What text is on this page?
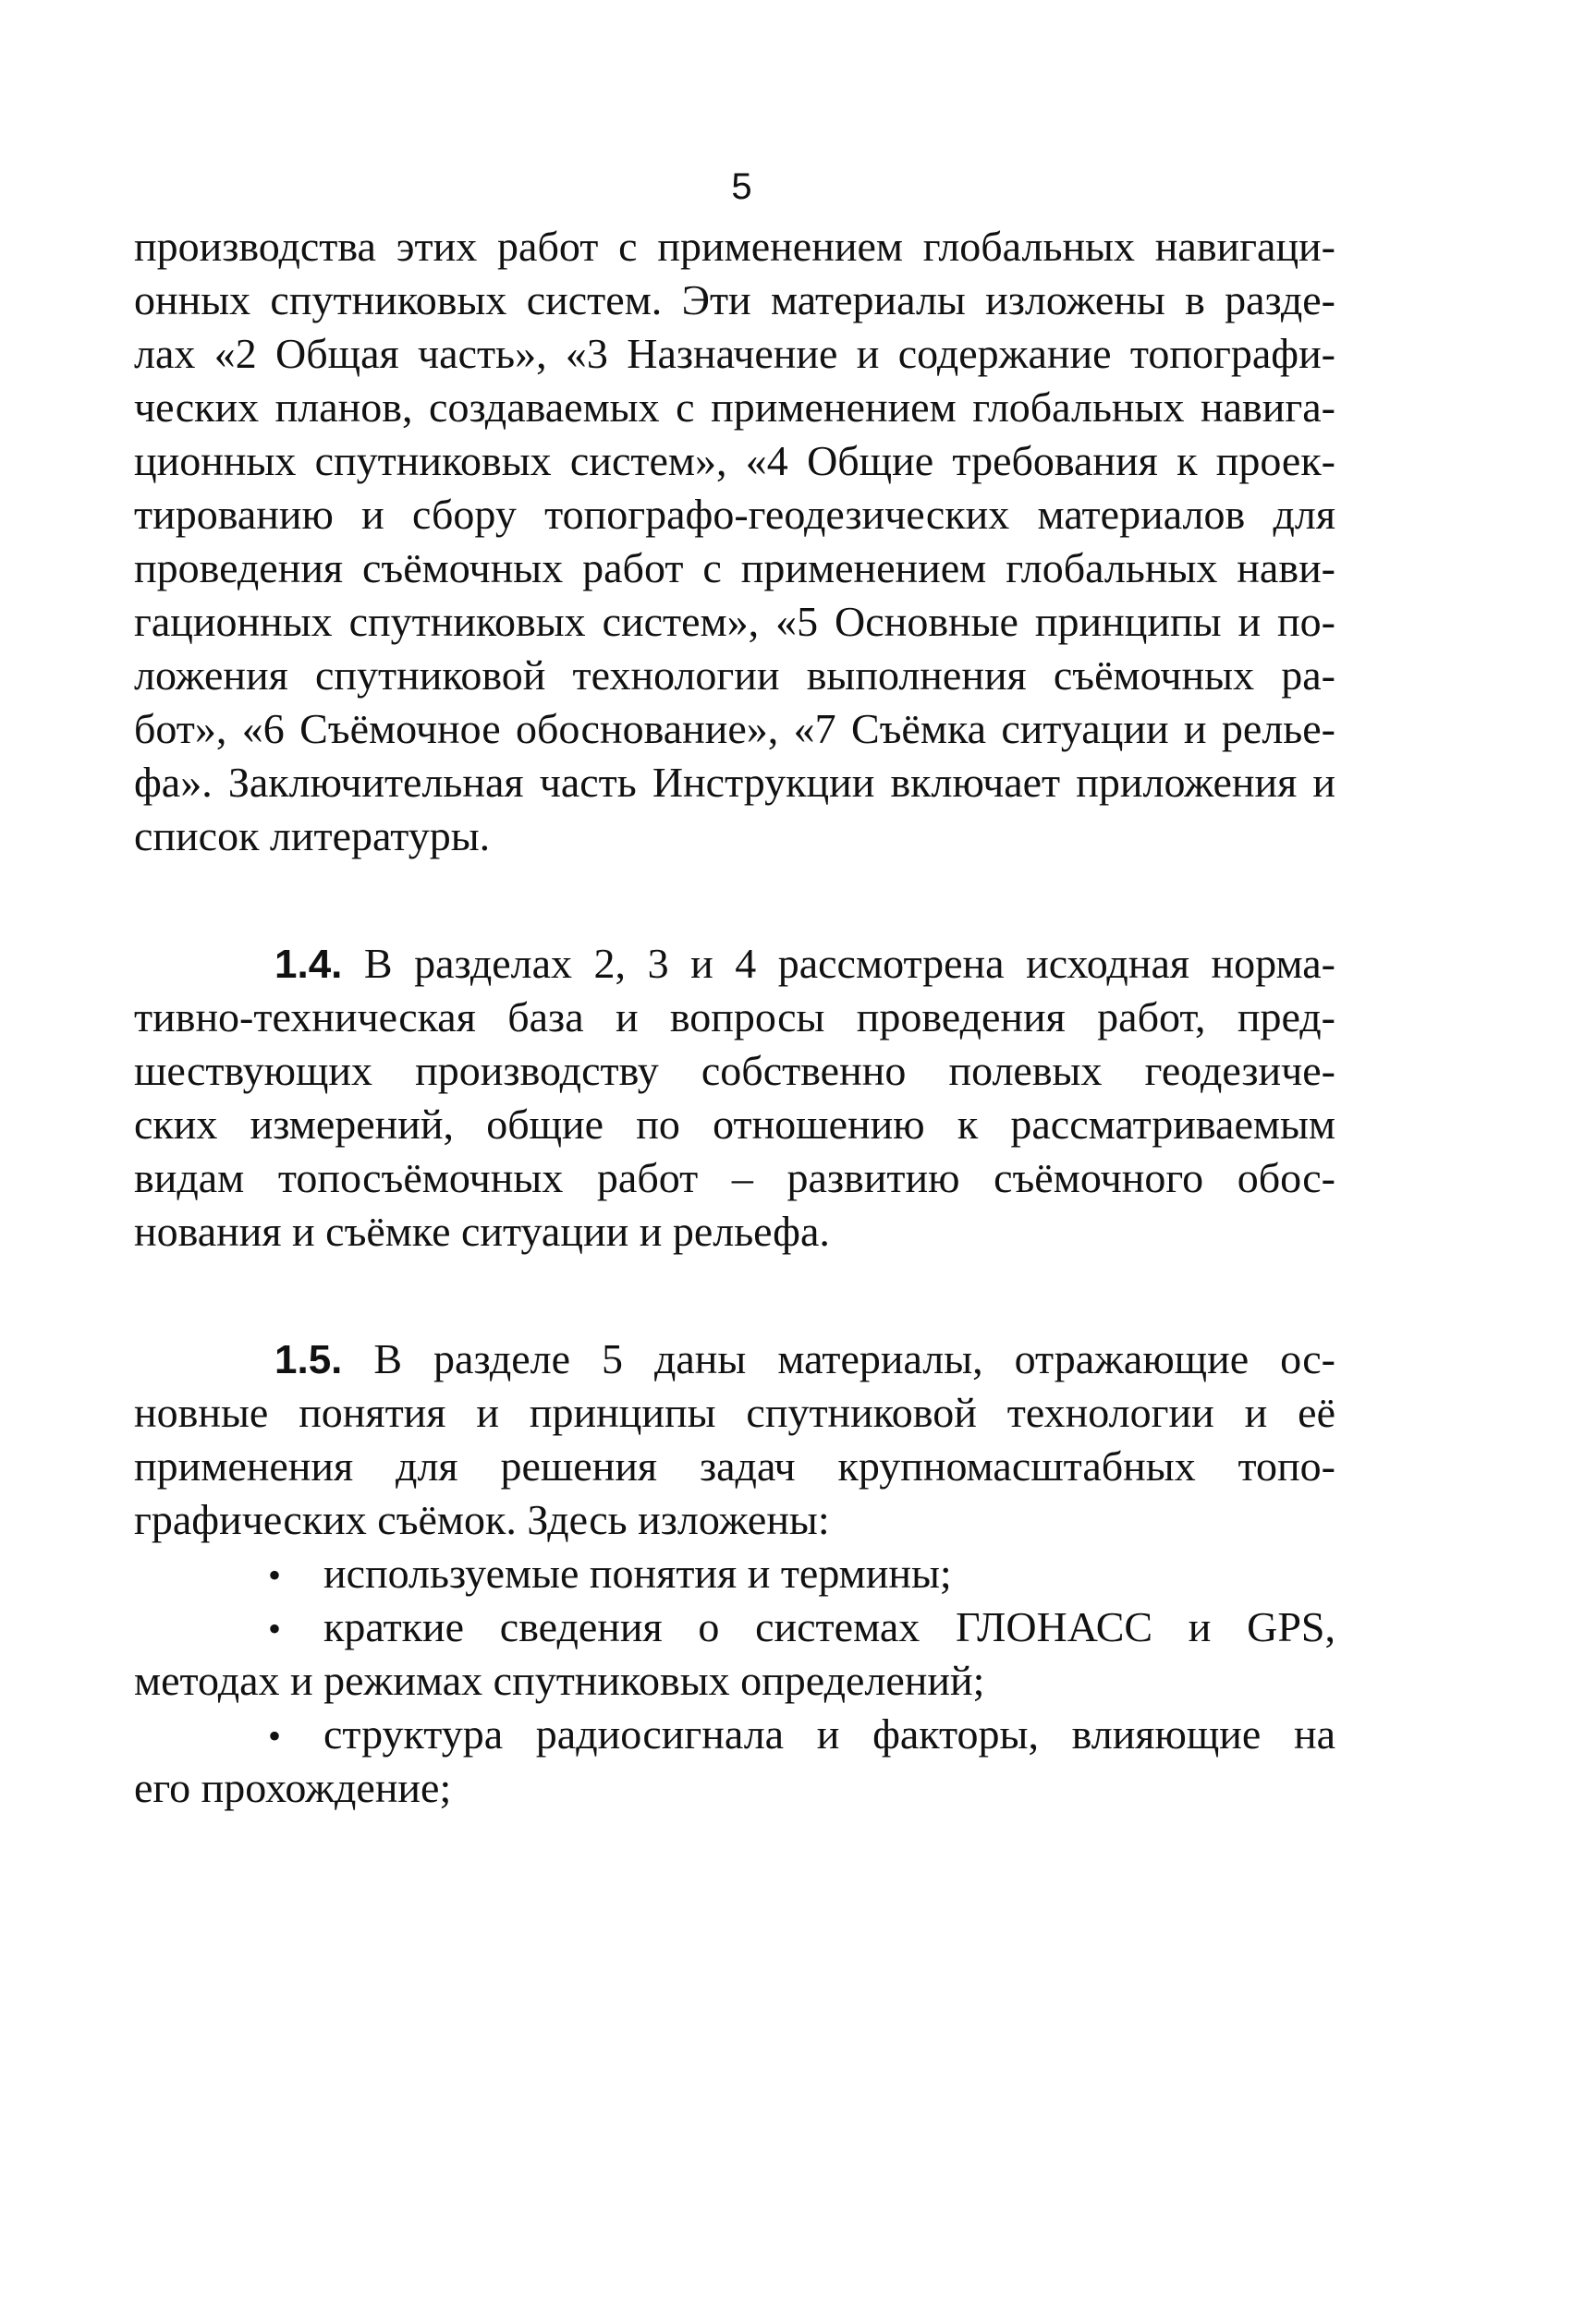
5
производства этих работ с применением глобальных навигаци-
онных спутниковых систем. Эти материалы изложены в разде-
лах «2 Общая часть», «3 Назначение и содержание топографи-
ческих планов, создаваемых с применением глобальных навига-
ционных спутниковых систем», «4 Общие требования к проек-
тированию и сбору топографо-геодезических материалов для
проведения съёмочных работ с применением глобальных нави-
гационных спутниковых систем», «5 Основные принципы и по-
ложения спутниковой технологии выполнения съёмочных ра-
бот», «6 Съёмочное обоснование», «7 Съёмка ситуации и релье-
фа». Заключительная часть Инструкции включает приложения и
список литературы.
1.4. В разделах 2, 3 и 4 рассмотрена исходная норма-
тивно-техническая база и вопросы проведения работ, пред-
шествующих производству собственно полевых геодезиче-
ских измерений, общие по отношению к рассматриваемым
видам топосъёмочных работ – развитию съёмочного обос-
нования и съёмке ситуации и рельефа.
1.5. В разделе 5 даны материалы, отражающие ос-
новные понятия и принципы спутниковой технологии и её
применения для решения задач крупномасштабных топо-
графических съёмок. Здесь изложены:
• используемые понятия и термины;
• краткие сведения о системах ГЛОНАСС и GPS,
методах и режимах спутниковых определений;
• структура радиосигнала и факторы, влияющие на
его прохождение;
